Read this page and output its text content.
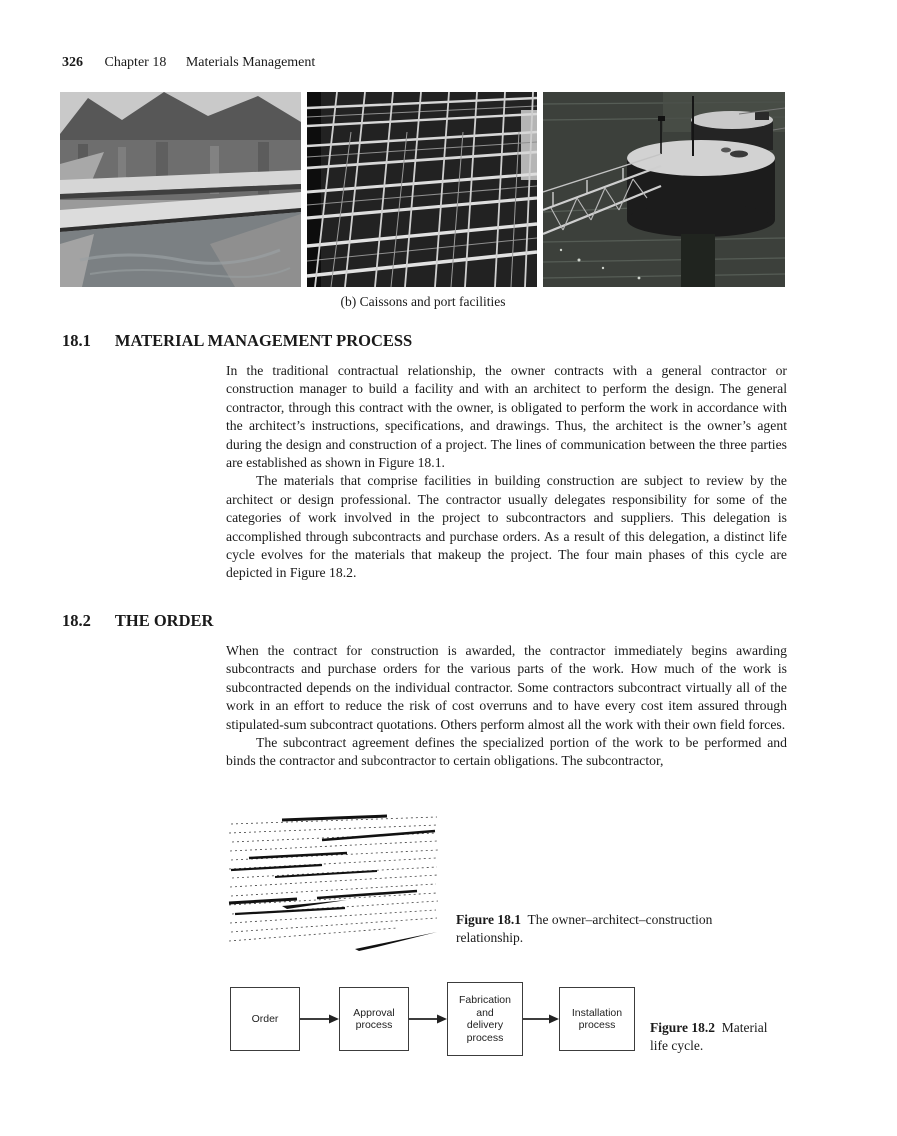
326 Chapter 18 Materials Management
(b) Caissons and port facilities
18.1 MATERIAL MANAGEMENT PROCESS

In the traditional contractual relationship, the owner contracts with a general contractor or construction manager to build a facility and with an architect to perform the design. The general contractor, through this contract with the owner, is obligated to perform the work in accordance with the architect’s instructions, specifications, and drawings. Thus, the architect is the owner’s agent during the design and construction of a project. The lines of communication between the three parties are established as shown in Figure 18.1.

The materials that comprise facilities in building construction are subject to review by the architect or design professional. The contractor usually delegates responsibility for some of the categories of work involved in the project to subcontractors and suppliers. This delegation is accomplished through subcontracts and purchase orders. As a result of this delegation, a distinct life cycle evolves for the materials that makeup the project. The four main phases of this cycle are depicted in Figure 18.2.

18.2 THE ORDER

When the contract for construction is awarded, the contractor immediately begins awarding subcontracts and purchase orders for the various parts of the work. How much of the work is subcontracted depends on the individual contractor. Some contractors subcontract virtually all of the work in an effort to reduce the risk of cost overruns and to have every cost item assured through stipulated-sum subcontract quotations. Others perform almost all the work with their own field forces.

The subcontract agreement defines the specialized portion of the work to be performed and binds the contractor and subcontractor to certain obligations. The subcontractor,

Figure 18.1 The owner–architect–construction relationship.
Order
Approval process
Fabrication and delivery process
Installation process	Figure 18.2 Material life cycle.
